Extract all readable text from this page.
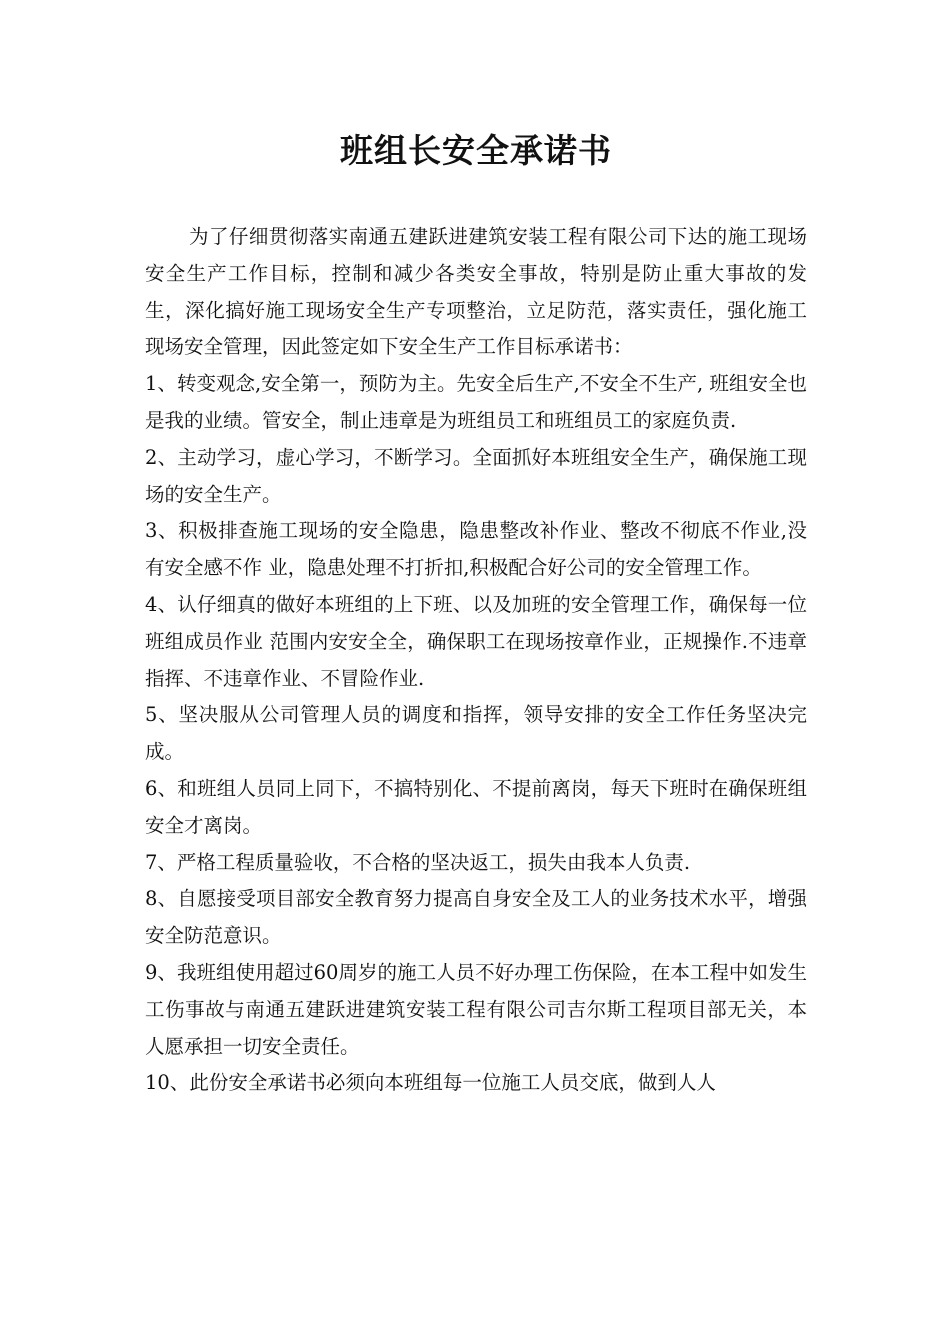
班组长安全承诺书

为了仔细贯彻落实南通五建跃进建筑安装工程有限公司下达的施工现场安全生产工作目标，控制和减少各类安全事故，特别是防止重大事故的发生，深化搞好施工现场安全生产专项整治，立足防范，落实责任，强化施工现场安全管理，因此签定如下安全生产工作目标承诺书：

1、转变观念,安全第一，预防为主。先安全后生产,不安全不生产, 班组安全也是我的业绩。管安全，制止违章是为班组员工和班组员工的家庭负责.

2、主动学习，虚心学习，不断学习。全面抓好本班组安全生产，确保施工现场的安全生产。

3、积极排查施工现场的安全隐患，隐患整改补作业、整改不彻底不作业,没有安全感不作 业，隐患处理不打折扣,积极配合好公司的安全管理工作。

4、认仔细真的做好本班组的上下班、以及加班的安全管理工作，确保每一位班组成员作业 范围内安安全全，确保职工在现场按章作业，正规操作.不违章指挥、不违章作业、不冒险作业.

5、坚决服从公司管理人员的调度和指挥，领导安排的安全工作任务坚决完成。

6、和班组人员同上同下，不搞特别化、不提前离岗，每天下班时在确保班组安全才离岗。

7、严格工程质量验收，不合格的坚决返工，损失由我本人负责.

8、自愿接受项目部安全教育努力提高自身安全及工人的业务技术水平，增强安全防范意识。

9、我班组使用超过60周岁的施工人员不好办理工伤保险，在本工程中如发生工伤事故与南通五建跃进建筑安装工程有限公司吉尔斯工程项目部无关，本人愿承担一切安全责任。

10、此份安全承诺书必须向本班组每一位施工人员交底，做到人人
